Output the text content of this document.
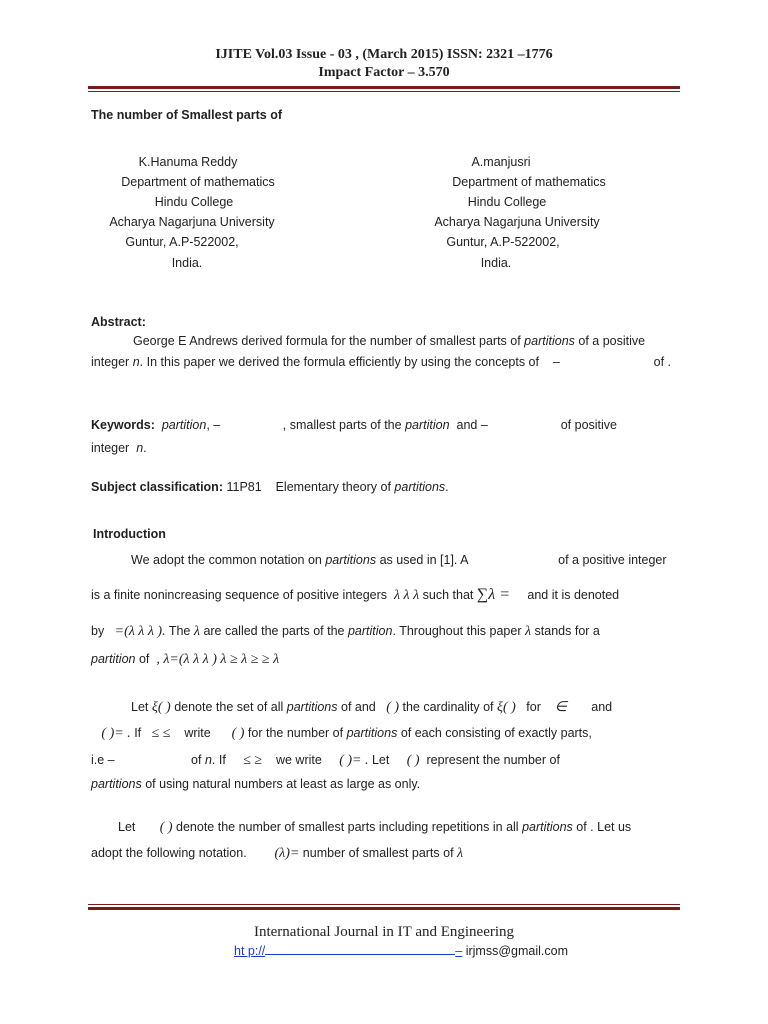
IJITE Vol.03 Issue - 03 , (March 2015) ISSN: 2321 –1776
Impact Factor – 3.570
The number of Smallest parts of
K.Hanuma Reddy
Department of mathematics
Hindu College
Acharya Nagarjuna University
Guntur, A.P-522002,
India.
A.manjusri
Department of mathematics
Hindu College
Acharya Nagarjuna University
Guntur, A.P-522002,
India.
Abstract:
George E Andrews derived formula for the number of smallest parts of partitions of a positive
integer n. In this paper we derived the formula efficiently by using the concepts of –	of .
Keywords: partition, –	, smallest parts of the partition and –	of positive
integer n.
Subject classification: 11P81 Elementary theory of partitions.
Introduction
We adopt the common notation on partitions as used in [1]. A	of a positive integer
is a finite nonincreasing sequence of positive integers λ λ λ such that ∑λ = and it is denoted
by =(λ λ λ ). The λ are called the parts of the partition. Throughout this paper λ stands for a
partition of , λ=(λ λ λ ) λ ≥ λ ≥ ≥ λ
Let ξ( ) denote the set of all partitions of and ( ) the cardinality of ξ( ) for ∈ and
( )= . If ≤ ≤ write ( ) for the number of partitions of each consisting of exactly parts,
i.e –	of n. If ≤ ≥ we write ( )= . Let ( ) represent the number of
partitions of using natural numbers at least as large as only.
Let ( ) denote the number of smallest parts including repetitions in all partitions of . Let us
adopt the following notation. (λ)= number of smallest parts of λ
International Journal in IT and Engineering
ht p://	– irjmss@gmail.com
